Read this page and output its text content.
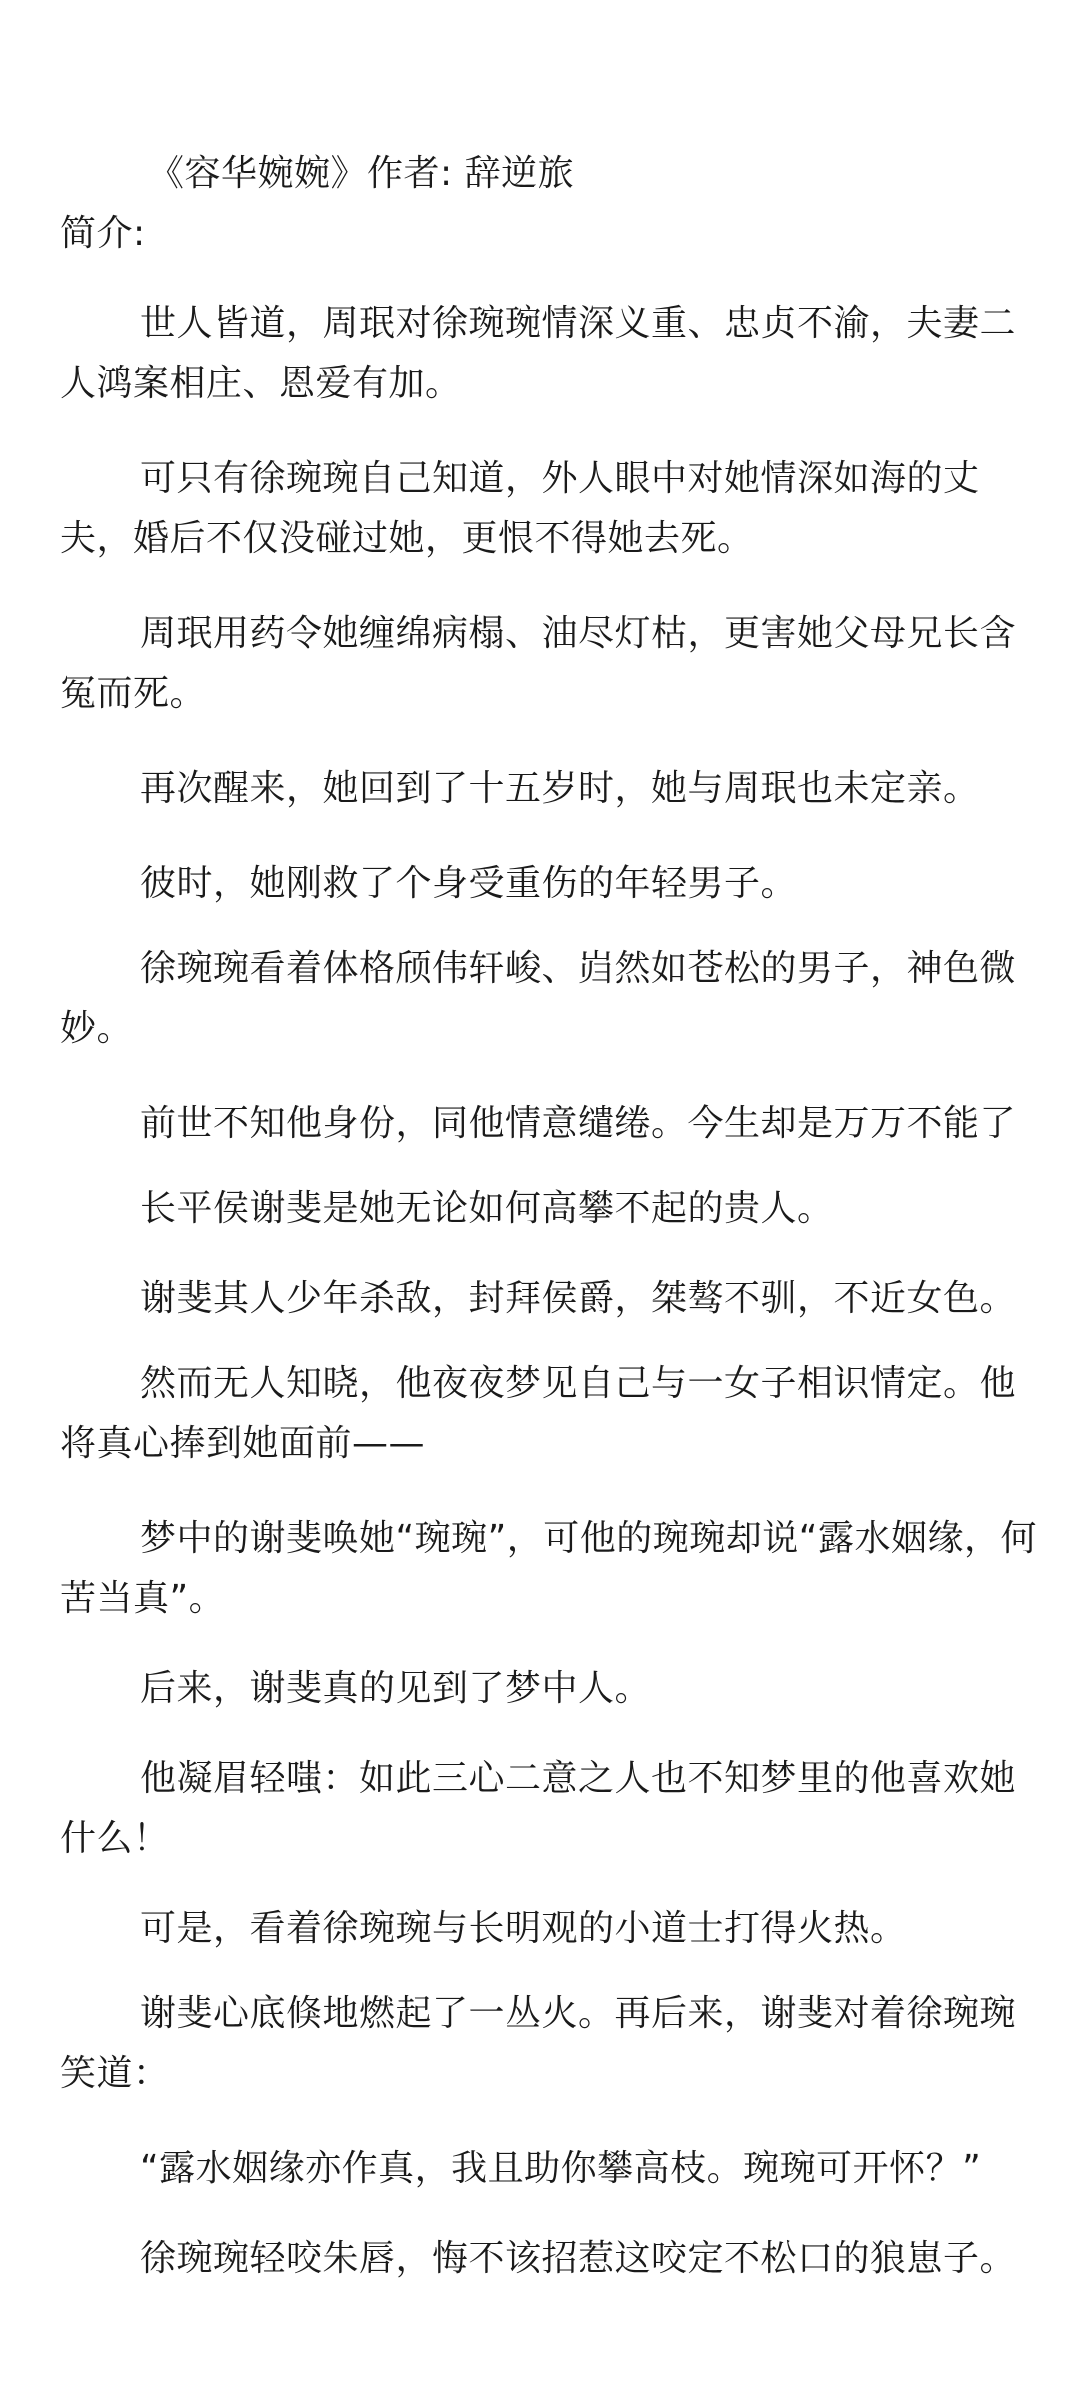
《容华婉婉》作者: 辞逆旅
简介:
世人皆道，周珉对徐琬琬情深义重、忠贞不渝，夫妻二
人鸿案相庄、恩爱有加。
可只有徐琬琬自己知道，外人眼中对她情深如海的丈
夫，婚后不仅没碰过她，更恨不得她去死。
周珉用药令她缠绵病榻、油尽灯枯，更害她父母兄长含
冤而死。
再次醒来，她回到了十五岁时，她与周珉也未定亲。
彼时，她刚救了个身受重伤的年轻男子。
徐琬琬看着体格颀伟轩峻、岿然如苍松的男子，神色微
妙。
前世不知他身份，同他情意缱绻。今生却是万万不能了
长平侯谢斐是她无论如何高攀不起的贵人。
谢斐其人少年杀敌，封拜侯爵，桀骜不驯，不近女色。
然而无人知晓，他夜夜梦见自己与一女子相识情定。他
将真心捧到她面前——
梦中的谢斐唤她“琬琬”，可他的琬琬却说“露水姻缘，何
苦当真”。
后来，谢斐真的见到了梦中人。
他凝眉轻嗤：如此三心二意之人也不知梦里的他喜欢她
什么！
可是，看着徐琬琬与长明观的小道士打得火热。
谢斐心底倏地燃起了一丛火。再后来，谢斐对着徐琬琬
笑道：
“露水姻缘亦作真，我且助你攀高枝。琬琬可开怀？”
徐琬琬轻咬朱唇，悔不该招惹这咬定不松口的狼崽子。
